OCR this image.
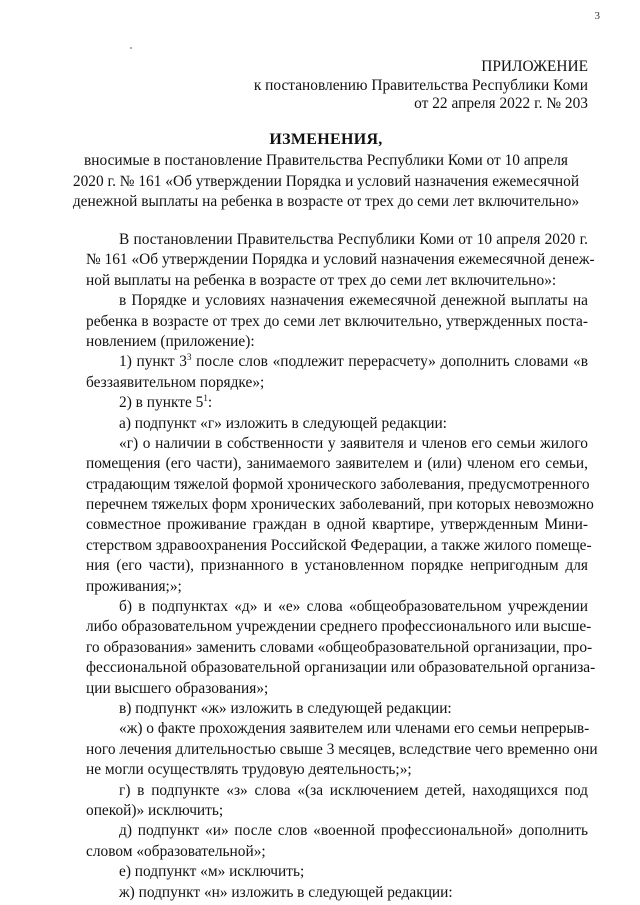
3
ПРИЛОЖЕНИЕ
к постановлению Правительства Республики Коми
от 22 апреля 2022 г. № 203
ИЗМЕНЕНИЯ,
вносимые в постановление Правительства Республики Коми от 10 апреля
2020 г. № 161 «Об утверждении Порядка и условий назначения ежемесячной
денежной выплаты на ребенка в возрасте от трех до семи лет включительно»
В постановлении Правительства Республики Коми от 10 апреля 2020 г.
№ 161 «Об утверждении Порядка и условий назначения ежемесячной денеж-
ной выплаты на ребенка в возрасте от трех до семи лет включительно»:
в Порядке и условиях назначения ежемесячной денежной выплаты на
ребенка в возрасте от трех до семи лет включительно, утвержденных поста-
новлением (приложение):
1) пункт $3^3$ после слов «подлежит перерасчету» дополнить словами «в
беззаявительном порядке»;
2) в пункте $5^1$:
а) подпункт «г» изложить в следующей редакции:
«г) о наличии в собственности у заявителя и членов его семьи жилого
помещения (его части), занимаемого заявителем и (или) членом его семьи,
страдающим тяжелой формой хронического заболевания, предусмотренного
перечнем тяжелых форм хронических заболеваний, при которых невозможно
совместное проживание граждан в одной квартире, утвержденным Мини-
стерством здравоохранения Российской Федерации, а также жилого помеще-
ния (его части), признанного в установленном порядке непригодным для
проживания;»;
б) в подпунктах «д» и «е» слова «общеобразовательном учреждении
либо образовательном учреждении среднего профессионального или высше-
го образования» заменить словами «общеобразовательной организации, про-
фессиональной образовательной организации или образовательной организа-
ции высшего образования»;
в) подпункт «ж» изложить в следующей редакции:
«ж) о факте прохождения заявителем или членами его семьи непрерыв-
ного лечения длительностью свыше 3 месяцев, вследствие чего временно они
не могли осуществлять трудовую деятельность;»;
г) в подпункте «з» слова «(за исключением детей, находящихся под
опекой)» исключить;
д) подпункт «и» после слов «военной профессиональной» дополнить
словом «образовательной»;
е) подпункт «м» исключить;
ж) подпункт «н» изложить в следующей редакции:
